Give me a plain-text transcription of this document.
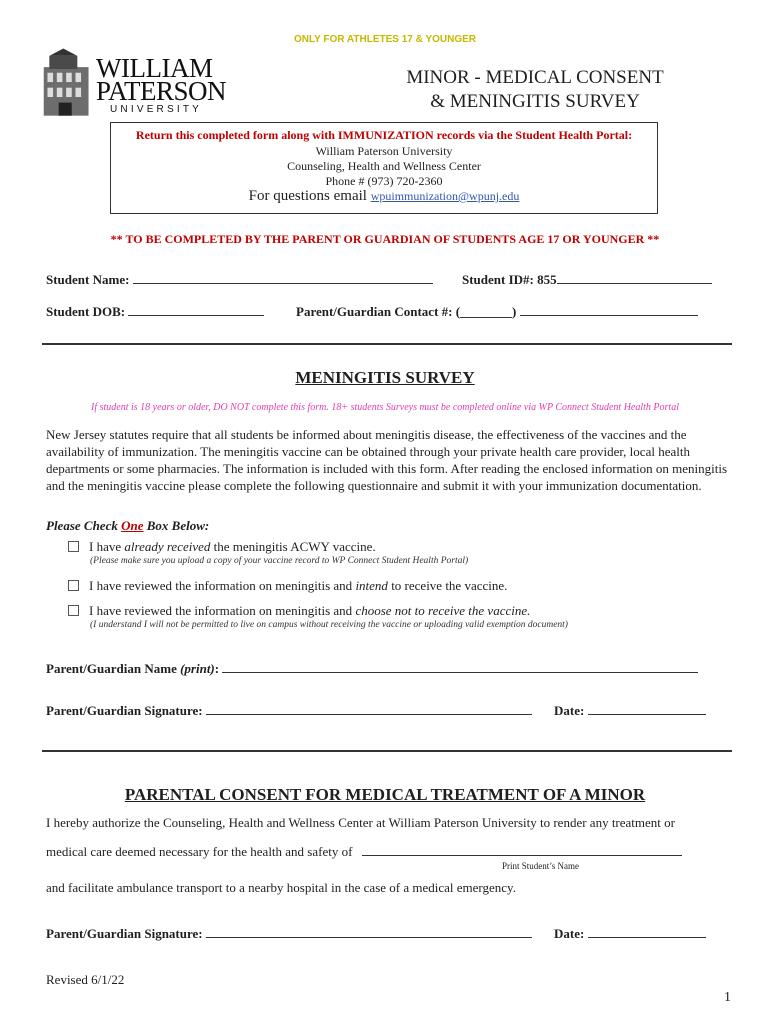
ONLY FOR ATHLETES 17 & YOUNGER
WILLIAM
PATERSON
UNIVERSITY
MINOR - MEDICAL CONSENT
& MENINGITIS SURVEY
Return this completed form along with IMMUNIZATION records via the Student Health Portal:
William Paterson University
Counseling, Health and Wellness Center
Phone # (973) 720-2360
For questions email wpuimmunization@wpunj.edu
** TO BE COMPLETED BY THE PARENT OR GUARDIAN OF STUDENTS AGE 17 OR YOUNGER **
Student Name:	Student ID#: 855
Student DOB:	Parent/Guardian Contact #: (________)
MENINGITIS SURVEY
If student is 18 years or older, DO NOT complete this form. 18+ students Surveys must be completed online via WP Connect Student Health Portal
New Jersey statutes require that all students be informed about meningitis disease, the effectiveness of the vaccines and the availability of immunization. The meningitis vaccine can be obtained through your private health care provider, local health departments or some pharmacies. The information is included with this form. After reading the enclosed information on meningitis and the meningitis vaccine please complete the following questionnaire and submit it with your immunization documentation.
Please Check One Box Below:
I have already received the meningitis ACWY vaccine.
(Please make sure you upload a copy of your vaccine record to WP Connect Student Health Portal)
I have reviewed the information on meningitis and intend to receive the vaccine.
I have reviewed the information on meningitis and choose not to receive the vaccine.
(I understand I will not be permitted to live on campus without receiving the vaccine or uploading valid exemption document)
Parent/Guardian Name (print):
Parent/Guardian Signature:	Date:
PARENTAL CONSENT FOR MEDICAL TREATMENT OF A MINOR
I hereby authorize the Counseling, Health and Wellness Center at William Paterson University to render any treatment or
medical care deemed necessary for the health and safety of
Print Student’s Name
and facilitate ambulance transport to a nearby hospital in the case of a medical emergency.
Parent/Guardian Signature:	Date:
Revised 6/1/22
1
